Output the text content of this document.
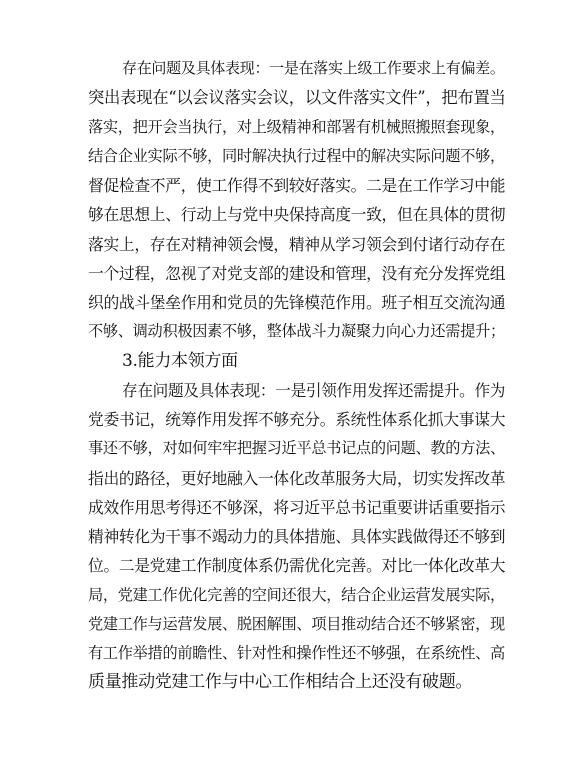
存在问题及具体表现：一是在落实上级工作要求上有偏差。
突出表现在“以会议落实会议，以文件落实文件”，把布置当
落实，把开会当执行，对上级精神和部署有机械照搬照套现象，
结合企业实际不够，同时解决执行过程中的解决实际问题不够，
督促检查不严，使工作得不到较好落实。二是在工作学习中能
够在思想上、行动上与党中央保持高度一致，但在具体的贯彻
落实上，存在对精神领会慢，精神从学习领会到付诸行动存在
一个过程，忽视了对党支部的建设和管理，没有充分发挥党组
织的战斗堡垒作用和党员的先锋模范作用。班子相互交流沟通
不够、调动积极因素不够，整体战斗力凝聚力向心力还需提升；
3.能力本领方面
存在问题及具体表现：一是引领作用发挥还需提升。作为
党委书记，统筹作用发挥不够充分。系统性体系化抓大事谋大
事还不够，对如何牢牢把握习近平总书记点的问题、教的方法、
指出的路径，更好地融入一体化改革服务大局，切实发挥改革
成效作用思考得还不够深，将习近平总书记重要讲话重要指示
精神转化为干事不竭动力的具体措施、具体实践做得还不够到
位。二是党建工作制度体系仍需优化完善。对比一体化改革大
局，党建工作优化完善的空间还很大，结合企业运营发展实际，
党建工作与运营发展、脱困解围、项目推动结合还不够紧密，现
有工作举措的前瞻性、针对性和操作性还不够强，在系统性、高
质量推动党建工作与中心工作相结合上还没有破题。
